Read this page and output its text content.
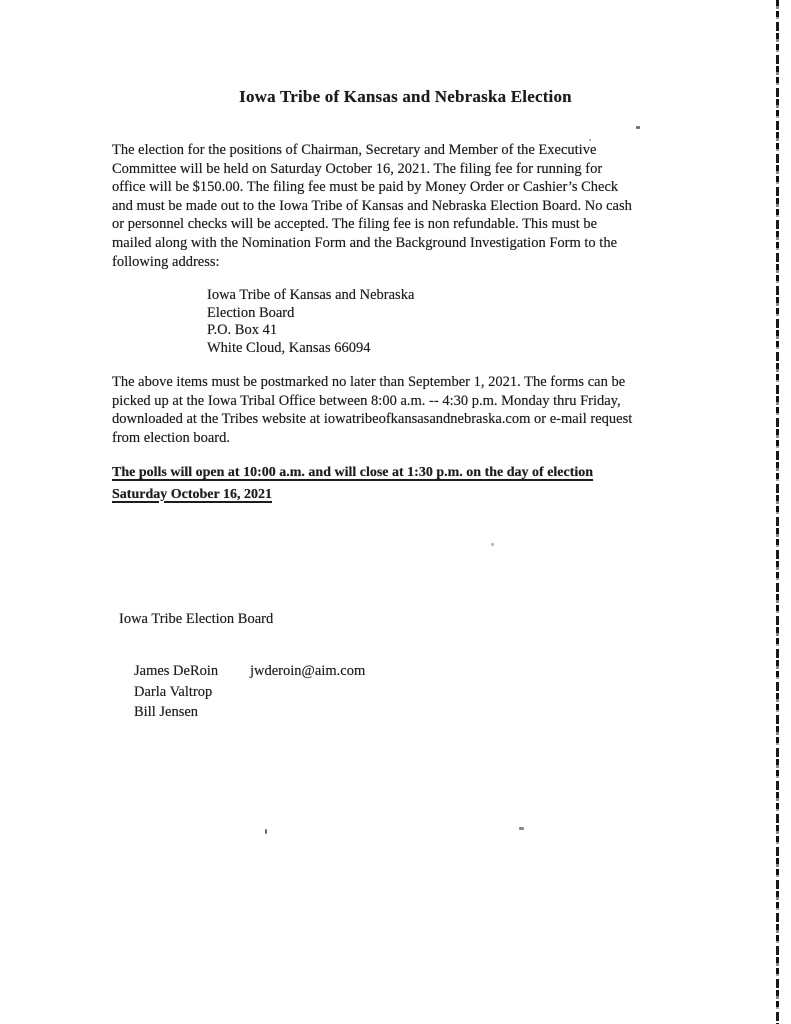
Iowa Tribe of Kansas and Nebraska Election
The election for the positions of Chairman, Secretary and Member of the Executive
Committee will be held on Saturday October 16, 2021. The filing fee for running for
office will be $150.00. The filing fee must be paid by Money Order or Cashier’s Check
and must be made out to the Iowa Tribe of Kansas and Nebraska Election Board. No cash
or personnel checks will be accepted. The filing fee is non refundable. This must be
mailed along with the Nomination Form and the Background Investigation Form to the
following address:
Iowa Tribe of Kansas and Nebraska
Election Board
P.O. Box 41
White Cloud, Kansas 66094
The above items must be postmarked no later than September 1, 2021. The forms can be
picked up at the Iowa Tribal Office between 8:00 a.m. -- 4:30 p.m. Monday thru Friday,
downloaded at the Tribes website at iowatribeofkansasandnebraska.com or e-mail request
from election board.
The polls will open at 10:00 a.m. and will close at 1:30 p.m. on the day of election
Saturday October 16, 2021
Iowa Tribe Election Board
James DeRoin jwderoin@aim.com
Darla Valtrop
Bill Jensen
